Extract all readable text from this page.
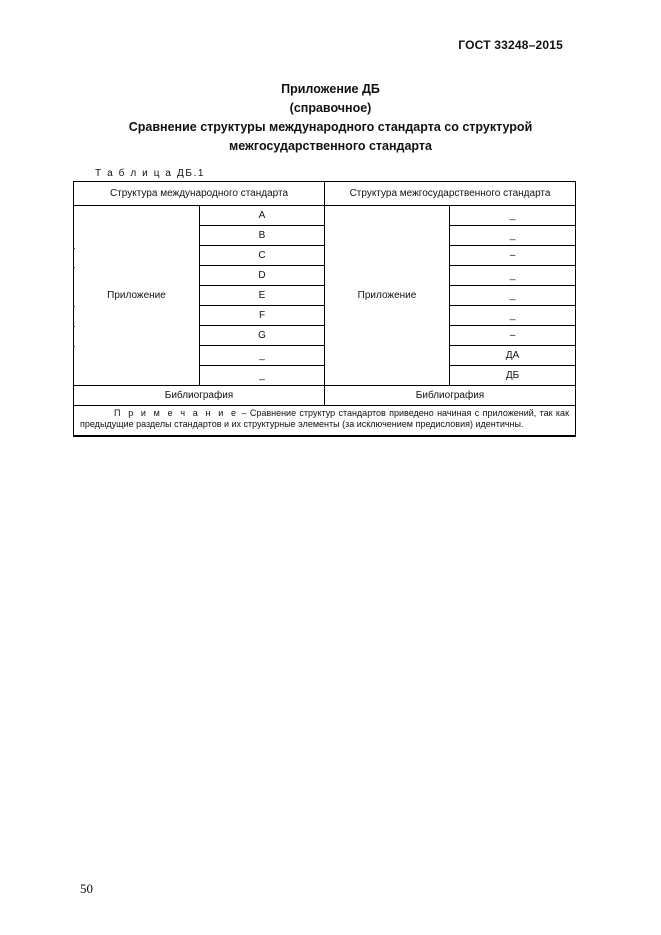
ГОСТ 33248–2015
Приложение ДБ
(справочное)
Сравнение структуры международного стандарта со структурой
межгосударственного стандарта
Т а б л и ц а ДБ.1
Структура международного стандарта		Структура межгосударственного стандарта	
Приложение	A	Приложение	_
	B		_
	C		–
	D		_
	E		_
	F		_
	G		–
	_		ДА
	_		ДБ
Библиография		Библиография	
П р и м е ч а н и е – Сравнение структур стандартов приведено начиная с приложений, так как предыдущие разделы стандартов и их структурные элементы (за исключением предисловия) идентичны.			
50
